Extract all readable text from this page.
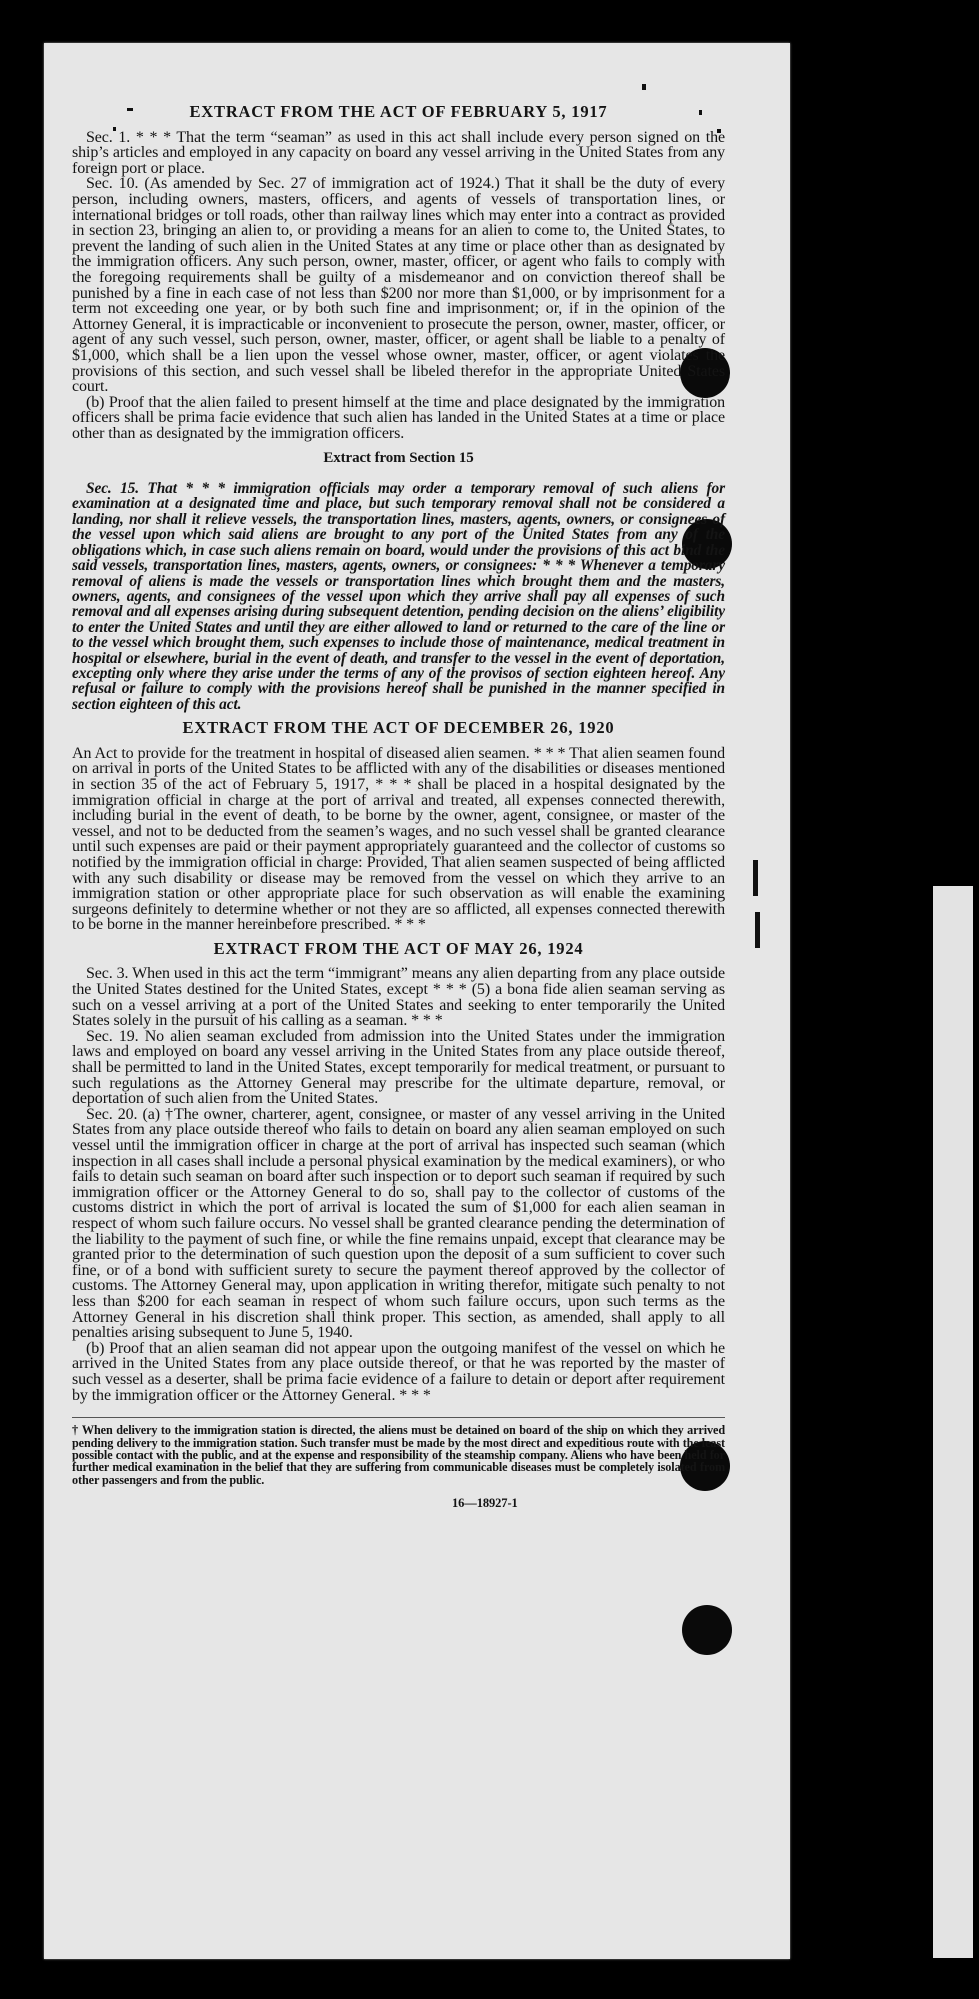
EXTRACT FROM THE ACT OF FEBRUARY 5, 1917

Sec. 1. * * * That the term “seaman” as used in this act shall include every person signed on the ship’s articles and employed in any capacity on board any vessel arriving in the United States from any foreign port or place.

Sec. 10. (As amended by Sec. 27 of immigration act of 1924.) That it shall be the duty of every person, including owners, masters, officers, and agents of vessels of transportation lines, or international bridges or toll roads, other than railway lines which may enter into a contract as provided in section 23, bringing an alien to, or providing a means for an alien to come to, the United States, to prevent the landing of such alien in the United States at any time or place other than as designated by the immigration officers. Any such person, owner, master, officer, or agent who fails to comply with the foregoing requirements shall be guilty of a misdemeanor and on conviction thereof shall be punished by a fine in each case of not less than $200 nor more than $1,000, or by imprisonment for a term not exceeding one year, or by both such fine and imprisonment; or, if in the opinion of the Attorney General, it is impracticable or inconvenient to prosecute the person, owner, master, officer, or agent of any such vessel, such person, owner, master, officer, or agent shall be liable to a penalty of $1,000, which shall be a lien upon the vessel whose owner, master, officer, or agent violates the provisions of this section, and such vessel shall be libeled therefor in the appropriate United States court.

(b) Proof that the alien failed to present himself at the time and place designated by the immigration officers shall be prima facie evidence that such alien has landed in the United States at a time or place other than as designated by the immigration officers.

Extract from Section 15

Sec. 15. That * * * immigration officials may order a temporary removal of such aliens for examination at a designated time and place, but such temporary removal shall not be considered a landing, nor shall it relieve vessels, the transportation lines, masters, agents, owners, or consignees of the vessel upon which said aliens are brought to any port of the United States from any of the obligations which, in case such aliens remain on board, would under the provisions of this act bind the said vessels, transportation lines, masters, agents, owners, or consignees: * * * Whenever a temporary removal of aliens is made the vessels or transportation lines which brought them and the masters, owners, agents, and consignees of the vessel upon which they arrive shall pay all expenses of such removal and all expenses arising during subsequent detention, pending decision on the aliens’ eligibility to enter the United States and until they are either allowed to land or returned to the care of the line or to the vessel which brought them, such expenses to include those of maintenance, medical treatment in hospital or elsewhere, burial in the event of death, and transfer to the vessel in the event of deportation, excepting only where they arise under the terms of any of the provisos of section eighteen hereof. Any refusal or failure to comply with the provisions hereof shall be punished in the manner specified in section eighteen of this act.

EXTRACT FROM THE ACT OF DECEMBER 26, 1920

An Act to provide for the treatment in hospital of diseased alien seamen. * * * That alien seamen found on arrival in ports of the United States to be afflicted with any of the disabilities or diseases mentioned in section 35 of the act of February 5, 1917, * * * shall be placed in a hospital designated by the immigration official in charge at the port of arrival and treated, all expenses connected therewith, including burial in the event of death, to be borne by the owner, agent, consignee, or master of the vessel, and not to be deducted from the seamen’s wages, and no such vessel shall be granted clearance until such expenses are paid or their payment appropriately guaranteed and the collector of customs so notified by the immigration official in charge: Provided, That alien seamen suspected of being afflicted with any such disability or disease may be removed from the vessel on which they arrive to an immigration station or other appropriate place for such observation as will enable the examining surgeons definitely to determine whether or not they are so afflicted, all expenses connected therewith to be borne in the manner hereinbefore prescribed. * * *

EXTRACT FROM THE ACT OF MAY 26, 1924

Sec. 3. When used in this act the term “immigrant” means any alien departing from any place outside the United States destined for the United States, except * * * (5) a bona fide alien seaman serving as such on a vessel arriving at a port of the United States and seeking to enter temporarily the United States solely in the pursuit of his calling as a seaman. * * *

Sec. 19. No alien seaman excluded from admission into the United States under the immigration laws and employed on board any vessel arriving in the United States from any place outside thereof, shall be permitted to land in the United States, except temporarily for medical treatment, or pursuant to such regulations as the Attorney General may prescribe for the ultimate departure, removal, or deportation of such alien from the United States.

Sec. 20. (a) †The owner, charterer, agent, consignee, or master of any vessel arriving in the United States from any place outside thereof who fails to detain on board any alien seaman employed on such vessel until the immigration officer in charge at the port of arrival has inspected such seaman (which inspection in all cases shall include a personal physical examination by the medical examiners), or who fails to detain such seaman on board after such inspection or to deport such seaman if required by such immigration officer or the Attorney General to do so, shall pay to the collector of customs of the customs district in which the port of arrival is located the sum of $1,000 for each alien seaman in respect of whom such failure occurs. No vessel shall be granted clearance pending the determination of the liability to the payment of such fine, or while the fine remains unpaid, except that clearance may be granted prior to the determination of such question upon the deposit of a sum sufficient to cover such fine, or of a bond with sufficient surety to secure the payment thereof approved by the collector of customs. The Attorney General may, upon application in writing therefor, mitigate such penalty to not less than $200 for each seaman in respect of whom such failure occurs, upon such terms as the Attorney General in his discretion shall think proper. This section, as amended, shall apply to all penalties arising subsequent to June 5, 1940.

(b) Proof that an alien seaman did not appear upon the outgoing manifest of the vessel on which he arrived in the United States from any place outside thereof, or that he was reported by the master of such vessel as a deserter, shall be prima facie evidence of a failure to detain or deport after requirement by the immigration officer or the Attorney General. * * *

† When delivery to the immigration station is directed, the aliens must be detained on board of the ship on which they arrived pending delivery to the immigration station. Such transfer must be made by the most direct and expeditious route with the least possible contact with the public, and at the expense and responsibility of the steamship company. Aliens who have been held for further medical examination in the belief that they are suffering from communicable diseases must be completely isolated from other passengers and from the public.

16—18927-1
